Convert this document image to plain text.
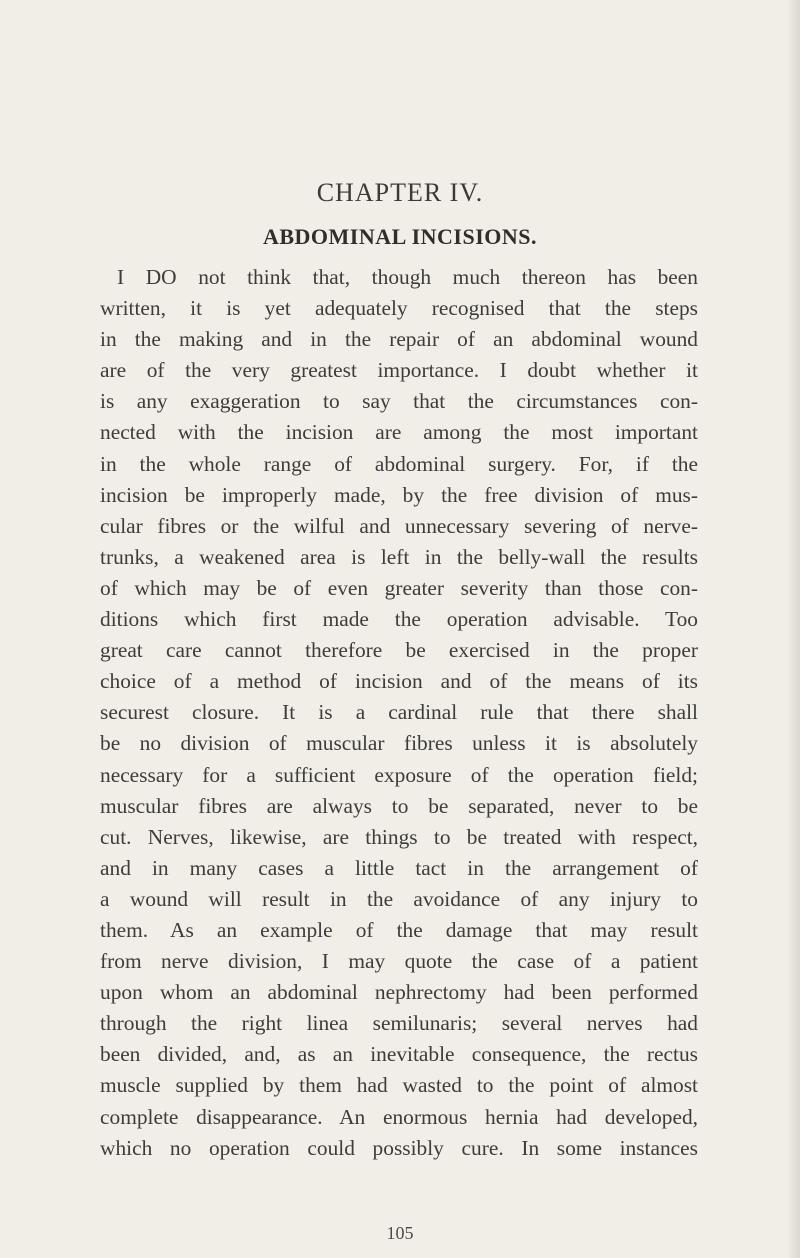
CHAPTER IV.
ABDOMINAL INCISIONS.
I DO not think that, though much thereon has been
written, it is yet adequately recognised that the steps
in the making and in the repair of an abdominal wound
are of the very greatest importance. I doubt whether it
is any exaggeration to say that the circumstances con-
nected with the incision are among the most important
in the whole range of abdominal surgery. For, if the
incision be improperly made, by the free division of mus-
cular fibres or the wilful and unnecessary severing of nerve-
trunks, a weakened area is left in the belly-wall the results
of which may be of even greater severity than those con-
ditions which first made the operation advisable. Too
great care cannot therefore be exercised in the proper
choice of a method of incision and of the means of its
securest closure. It is a cardinal rule that there shall
be no division of muscular fibres unless it is absolutely
necessary for a sufficient exposure of the operation field;
muscular fibres are always to be separated, never to be
cut. Nerves, likewise, are things to be treated with respect,
and in many cases a little tact in the arrangement of
a wound will result in the avoidance of any injury to
them. As an example of the damage that may result
from nerve division, I may quote the case of a patient
upon whom an abdominal nephrectomy had been performed
through the right linea semilunaris; several nerves had
been divided, and, as an inevitable consequence, the rectus
muscle supplied by them had wasted to the point of almost
complete disappearance. An enormous hernia had developed,
which no operation could possibly cure. In some instances
105
